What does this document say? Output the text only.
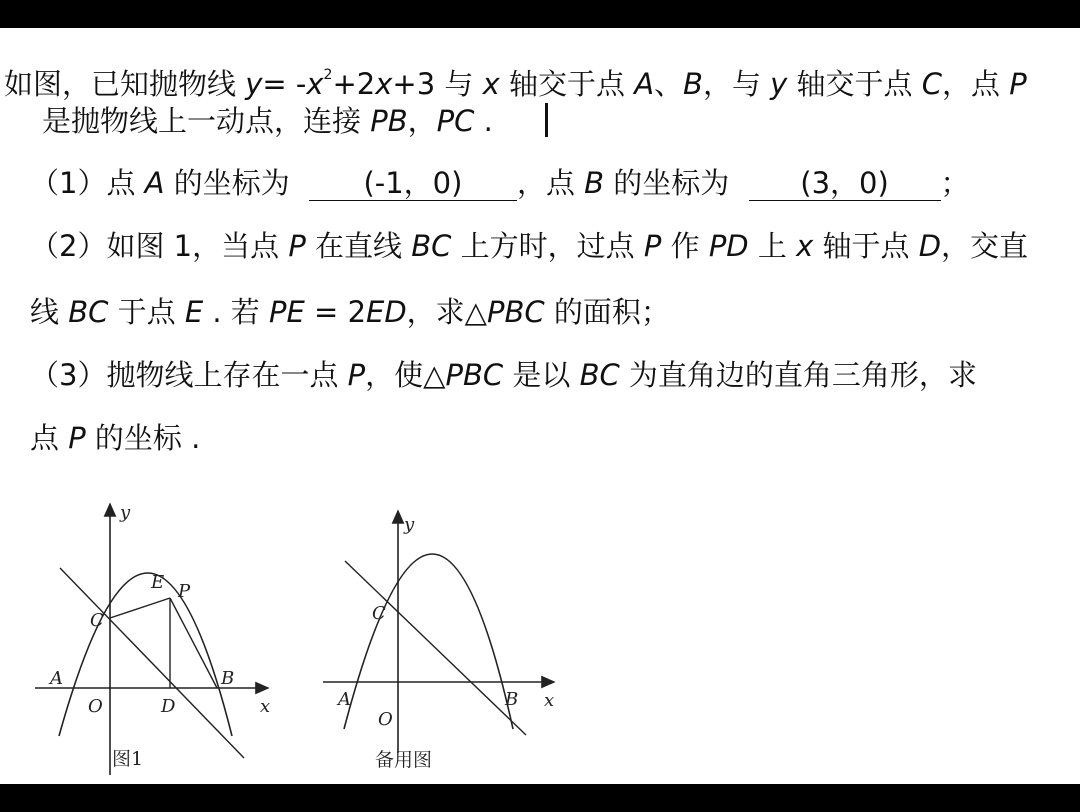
如图，已知抛物线 $y= -x^2+2x+3$ 与 x 轴交于点 A、B，与 y 轴交于点 C，点 P
是抛物线上一动点，连接 PB，PC .
（1）点 A 的坐标为 (-1，0) ，点 B 的坐标为 (3，0) ；
（2）如图 1，当点 P 在直线 BC 上方时，过点 P 作 PD 上 x 轴于点 D，交直
线 BC 于点 E . 若 PE = 2ED，求△PBC 的面积；
（3）抛物线上存在一点 P，使△PBC 是以 BC 为直角边的直角三角形，求
点 P 的坐标 .
y
x
O
A	B
C
P
E
D
图1
y
x
O
A	B
C
备用图
